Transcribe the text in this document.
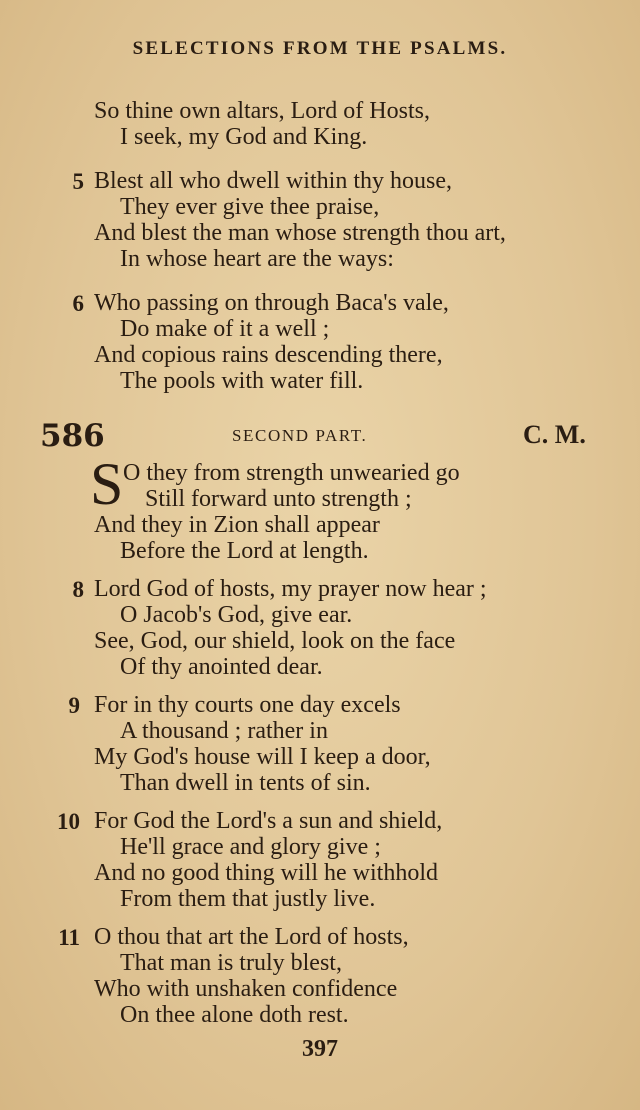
SELECTIONS FROM THE PSALMS.
So thine own altars, Lord of Hosts,
I seek, my God and King.
5 Blest all who dwell within thy house,
They ever give thee praise,
And blest the man whose strength thou art,
In whose heart are the ways:
6 Who passing on through Baca's vale,
Do make of it a well ;
And copious rains descending there,
The pools with water fill.
586	SECOND PART.	C. M.
S O they from strength unwearied go
Still forward unto strength ;
And they in Zion shall appear
Before the Lord at length.
8 Lord God of hosts, my prayer now hear ;
O Jacob's God, give ear.
See, God, our shield, look on the face
Of thy anointed dear.
9 For in thy courts one day excels
A thousand ; rather in
My God's house will I keep a door,
Than dwell in tents of sin.
10 For God the Lord's a sun and shield,
He'll grace and glory give ;
And no good thing will he withhold
From them that justly live.
11 O thou that art the Lord of hosts,
That man is truly blest,
Who with unshaken confidence
On thee alone doth rest.
397
